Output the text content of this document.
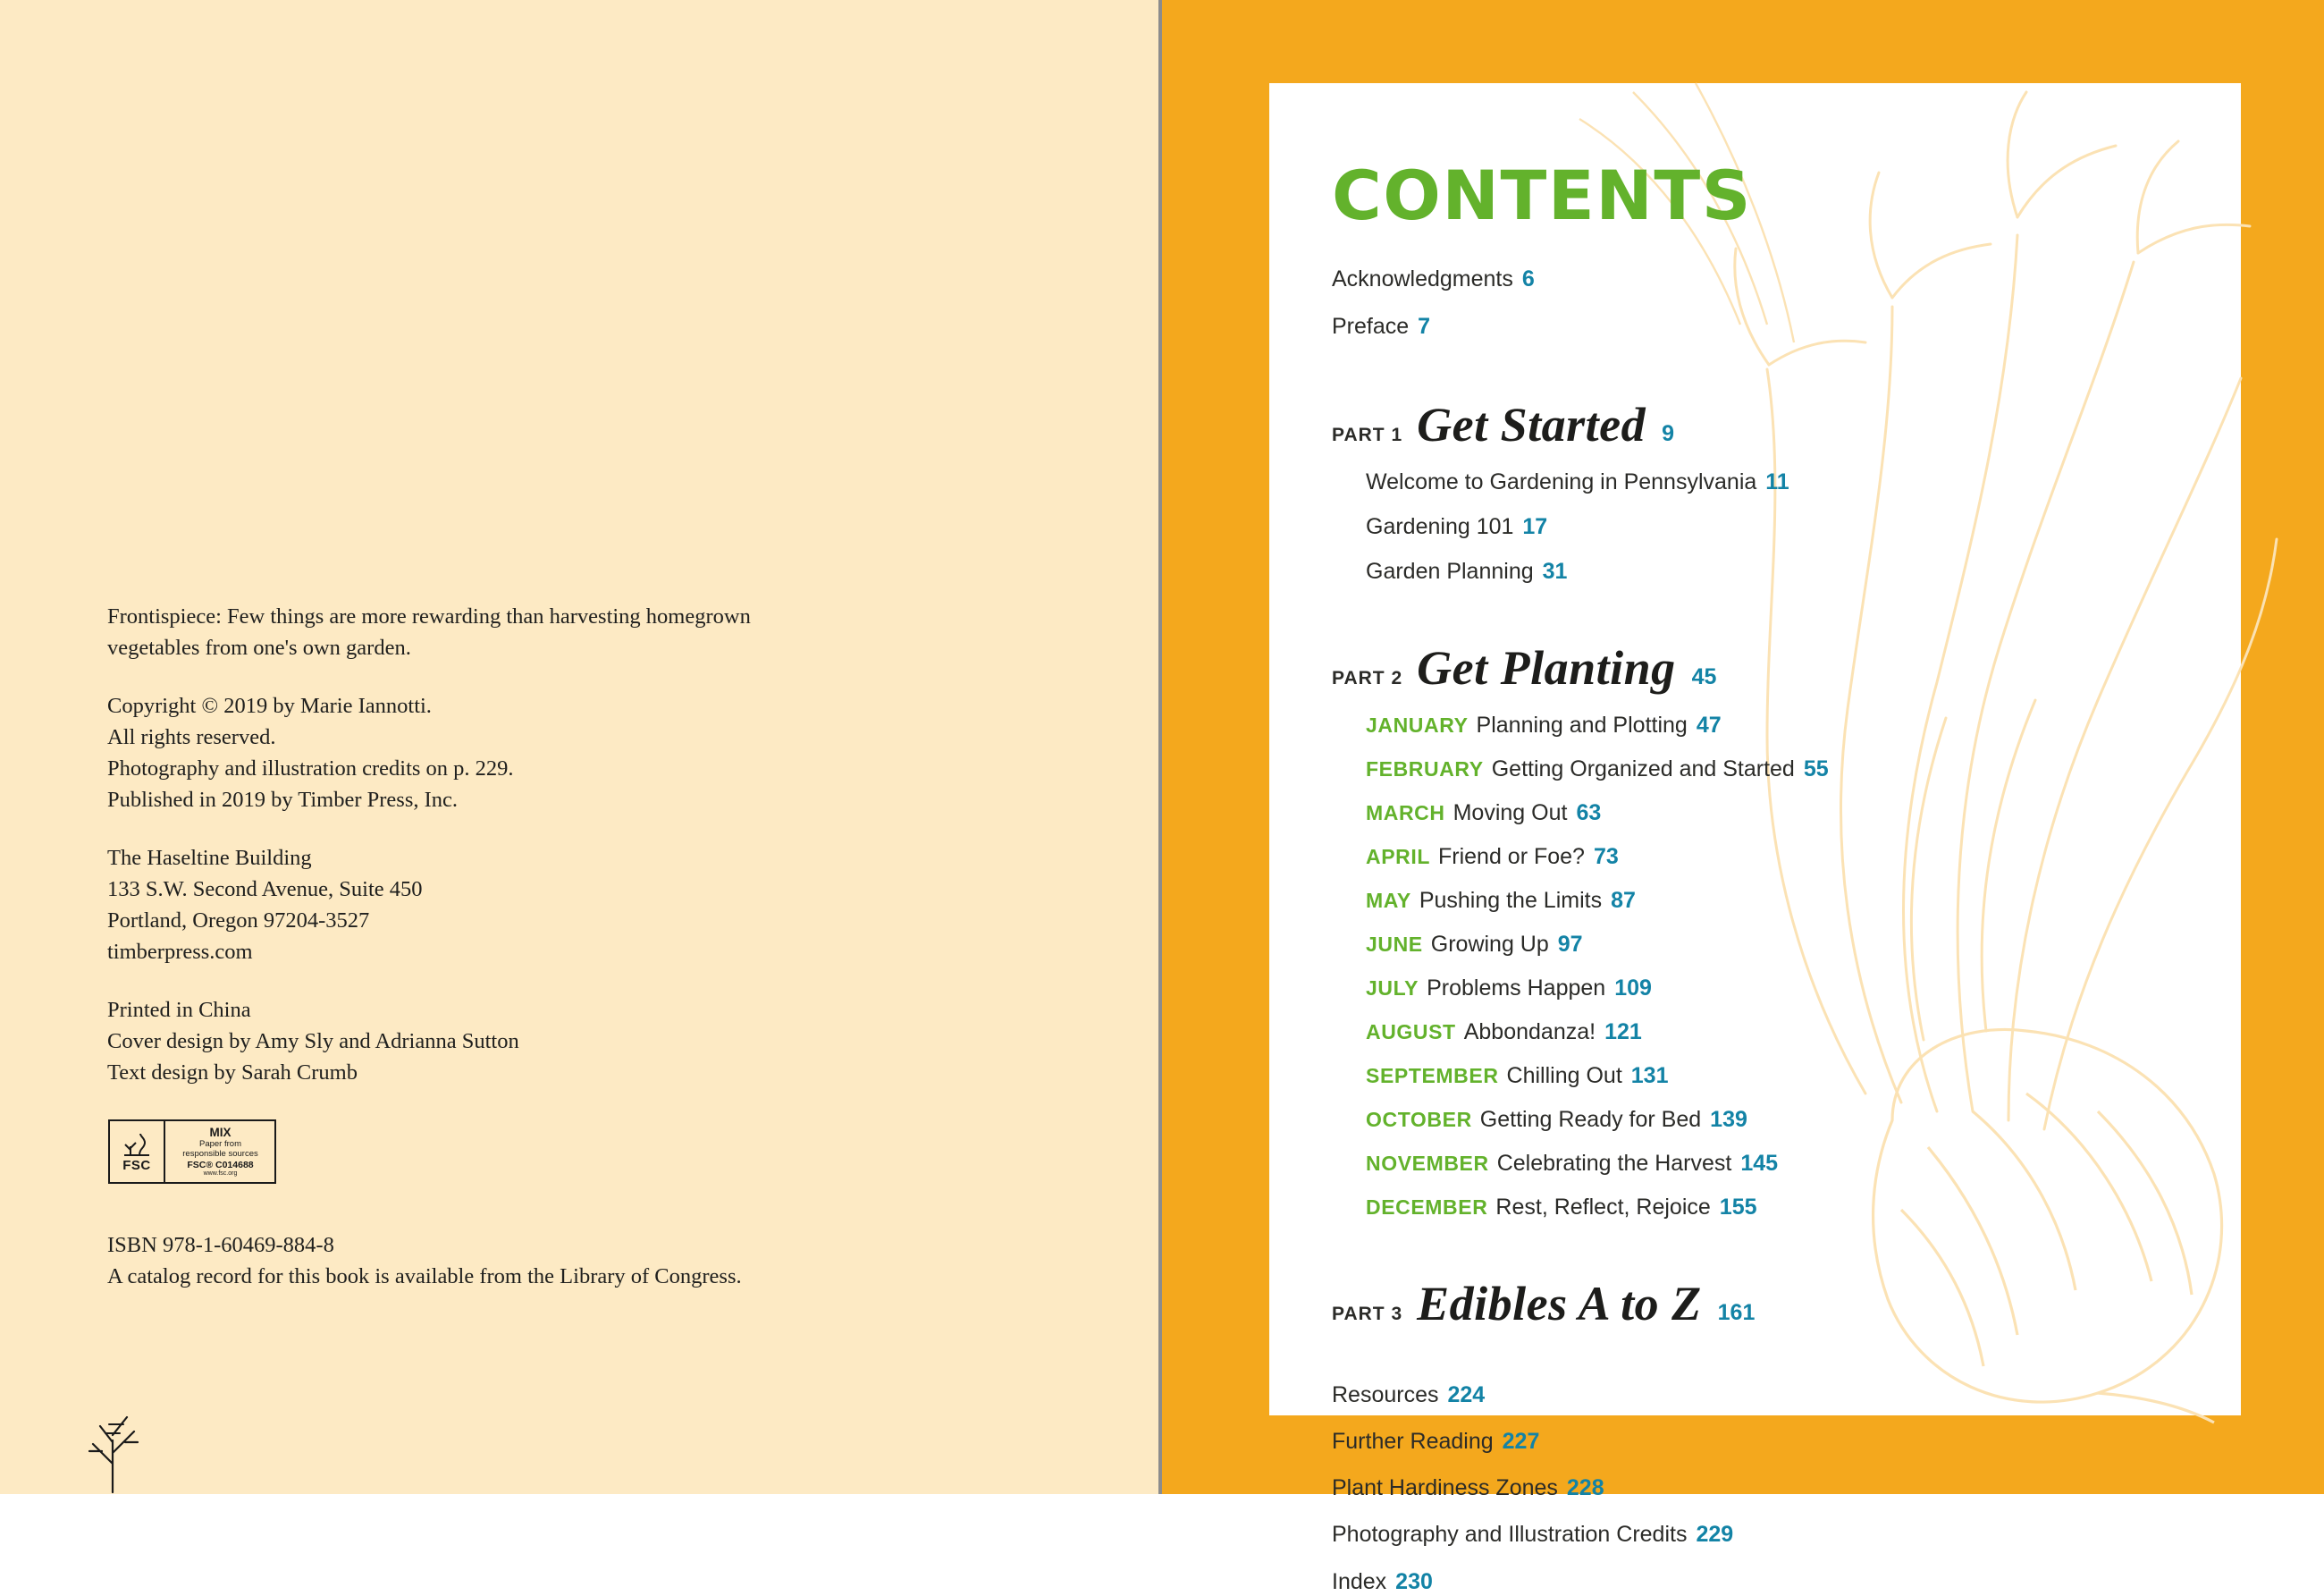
Frontispiece: Few things are more rewarding than harvesting homegrown vegetables from one's own garden.

Copyright © 2019 by Marie Iannotti.
All rights reserved.
Photography and illustration credits on p. 229.
Published in 2019 by Timber Press, Inc.

The Haseltine Building
133 S.W. Second Avenue, Suite 450
Portland, Oregon 97204-3527
timberpress.com

Printed in China
Cover design by Amy Sly and Adrianna Sutton
Text design by Sarah Crumb

FSC
MIX
Paper from
responsible sources
FSC® C014688
www.fsc.org
ISBN 978-1-60469-884-8
A catalog record for this book is available from the Library of Congress.
CONTENTS
Acknowledgments 6
Preface 7
PART 1 Get Started 9
Welcome to Gardening in Pennsylvania 11
Gardening 101 17
Garden Planning 31
PART 2 Get Planting 45
JANUARY Planning and Plotting 47
FEBRUARY Getting Organized and Started 55
MARCH Moving Out 63
APRIL Friend or Foe? 73
MAY Pushing the Limits 87
JUNE Growing Up 97
JULY Problems Happen 109
AUGUST Abbondanza! 121
SEPTEMBER Chilling Out 131
OCTOBER Getting Ready for Bed 139
NOVEMBER Celebrating the Harvest 145
DECEMBER Rest, Reflect, Rejoice 155
PART 3 Edibles A to Z 161
Resources 224
Further Reading 227
Plant Hardiness Zones 228
Photography and Illustration Credits 229
Index 230
